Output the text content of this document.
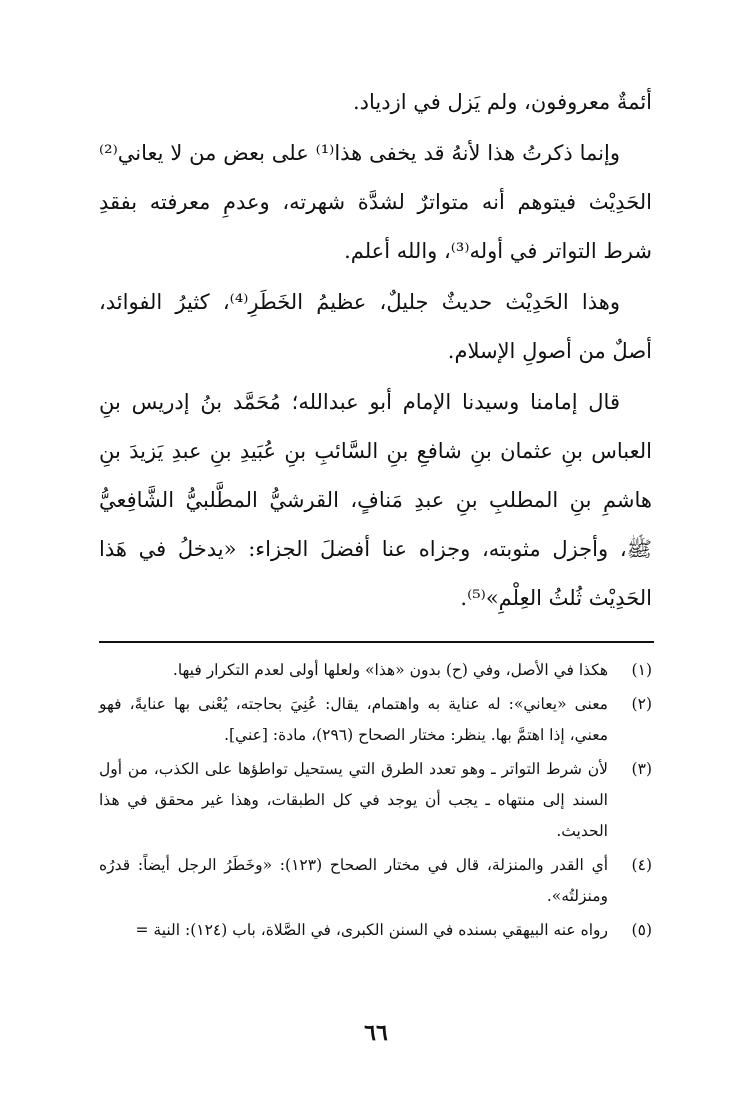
أئمةٌ معروفون، ولم يَزل في ازدياد.

وإنما ذكرتُ هذا لأنهُ قد يخفى هذا⁽¹⁾ على بعض من لا يعاني⁽²⁾ الحَدِيْث فيتوهم أنه متواترٌ لشدَّة شهرته، وعدمِ معرفته بفقدِ شرط التواتر في أوله⁽³⁾، والله أعلم.

وهذا الحَدِيْث حديثٌ جليلٌ، عظيمُ الخَطَرِ⁽⁴⁾، كثيرُ الفوائد، أصلٌ من أصولِ الإسلام.

قال إمامنا وسيدنا الإمام أبو عبدالله؛ مُحَمَّد بنُ إدريس بنِ العباس بنِ عثمان بنِ شافعِ بنِ السَّائبِ بنِ عُبَيدِ بنِ عبدِ يَزيدَ بنِ هاشمِ بنِ المطلبِ بنِ عبدِ مَنافٍ، القرشيُّ المطَّلبيُّ الشَّافِعيُّ ﷺ، وأجزل مثوبته، وجزاه عنا أفضلَ الجزاء: «يدخلُ في هَذا الحَدِيْث ثُلثُ العِلْمِ»⁽⁵⁾.

(١)
هكذا في الأصل، وفي (ح) بدون «هذا» ولعلها أولى لعدم التكرار فيها.
(٢)
معنى «يعاني»: له عناية به واهتمام، يقال: عُنِيَ بحاجته، يُعْنى بها عنايةً، فهو معني، إذا اهتمَّ بها. ينظر: مختار الصحاح (٢٩٦)، مادة: [عني].
(٣)
لأن شرط التواتر ـ وهو تعدد الطرق التي يستحيل تواطؤها على الكذب، من أول السند إلى منتهاه ـ يجب أن يوجد في كل الطبقات، وهذا غير محقق في هذا الحديث.
(٤)
أي القدر والمنزلة، قال في مختار الصحاح (١٢٣): «وخَطَرُ الرجل أيضاً: قدرُه ومنزلتُه».
(٥)
رواه عنه البيهقي بسنده في السنن الكبرى، في الصَّلاة، باب (١٢٤): النية =
٦٦
